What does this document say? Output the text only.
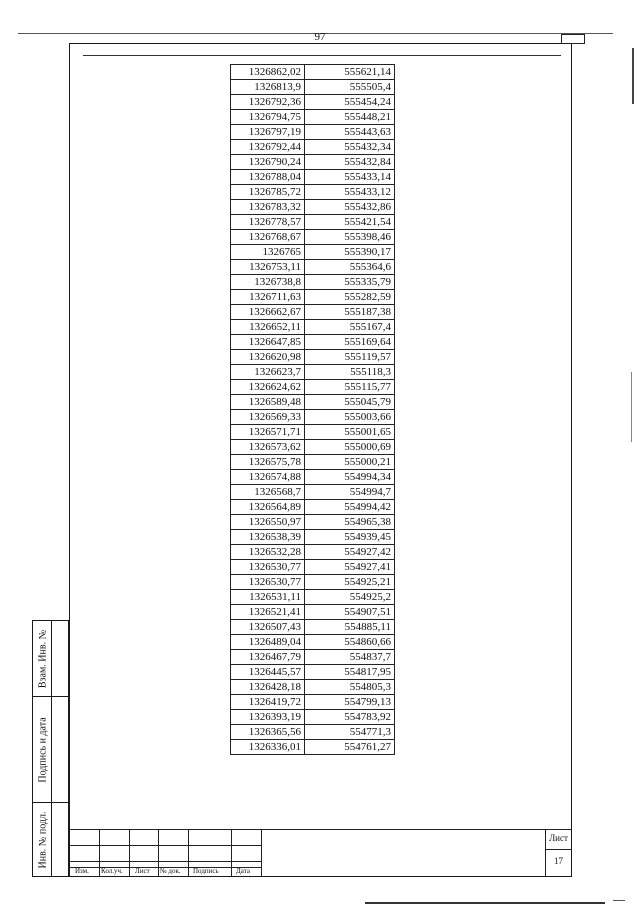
97
1326862,02	555621,14
1326813,9	555505,4
1326792,36	555454,24
1326794,75	555448,21
1326797,19	555443,63
1326792,44	555432,34
1326790,24	555432,84
1326788,04	555433,14
1326785,72	555433,12
1326783,32	555432,86
1326778,57	555421,54
1326768,67	555398,46
1326765	555390,17
1326753,11	555364,6
1326738,8	555335,79
1326711,63	555282,59
1326662,67	555187,38
1326652,11	555167,4
1326647,85	555169,64
1326620,98	555119,57
1326623,7	555118,3
1326624,62	555115,77
1326589,48	555045,79
1326569,33	555003,66
1326571,71	555001,65
1326573,62	555000,69
1326575,78	555000,21
1326574,88	554994,34
1326568,7	554994,7
1326564,89	554994,42
1326550,97	554965,38
1326538,39	554939,45
1326532,28	554927,42
1326530,77	554927,41
1326530,77	554925,21
1326531,11	554925,2
1326521,41	554907,51
1326507,43	554885,11
1326489,04	554860,66
1326467,79	554837,7
1326445,57	554817,95
1326428,18	554805,3
1326419,72	554799,13
1326393,19	554783,92
1326365,56	554771,3
1326336,01	554761,27
Взам. Инв. №
Подпись и дата
Инв. № подл.
Изм. Кол.уч. Лист № док. Подпись Дата
Лист
17
